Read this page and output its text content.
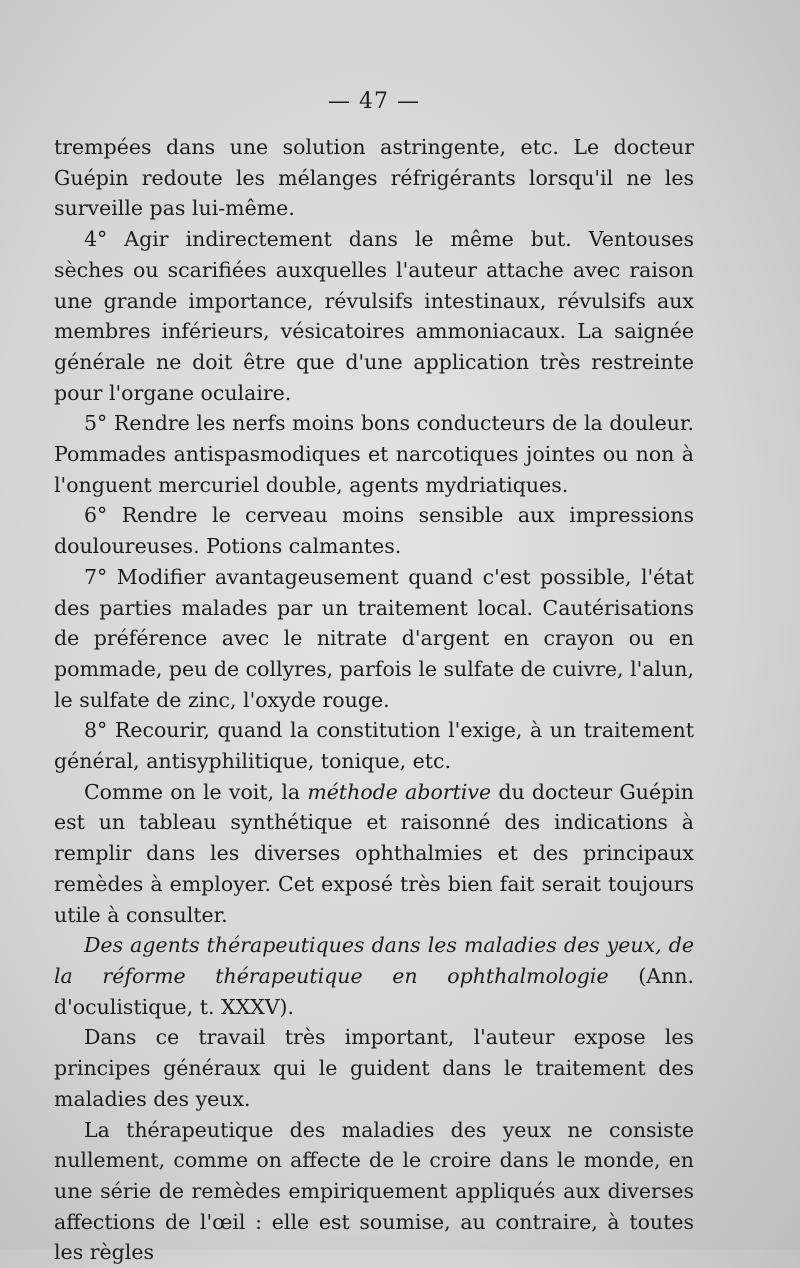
— 47 —

trempées dans une solution astringente, etc. Le docteur Guépin redoute les mélanges réfrigérants lorsqu'il ne les surveille pas lui-même.

4° Agir indirectement dans le même but. Ventouses sèches ou scarifiées auxquelles l'auteur attache avec raison une grande importance, révulsifs intestinaux, révulsifs aux membres inférieurs, vésicatoires ammoniacaux. La saignée générale ne doit être que d'une application très restreinte pour l'organe oculaire.

5° Rendre les nerfs moins bons conducteurs de la douleur. Pommades antispasmodiques et narcotiques jointes ou non à l'onguent mercuriel double, agents mydriatiques.

6° Rendre le cerveau moins sensible aux impressions douloureuses. Potions calmantes.

7° Modifier avantageusement quand c'est possible, l'état des parties malades par un traitement local. Cautérisations de préférence avec le nitrate d'argent en crayon ou en pommade, peu de collyres, parfois le sulfate de cuivre, l'alun, le sulfate de zinc, l'oxyde rouge.

8° Recourir, quand la constitution l'exige, à un traitement général, antisyphilitique, tonique, etc.

Comme on le voit, la méthode abortive du docteur Guépin est un tableau synthétique et raisonné des indications à remplir dans les diverses ophthalmies et des principaux remèdes à employer. Cet exposé très bien fait serait toujours utile à consulter.

Des agents thérapeutiques dans les maladies des yeux, de la réforme thérapeutique en ophthalmologie (Ann. d'oculistique, t. XXXV).

Dans ce travail très important, l'auteur expose les principes généraux qui le guident dans le traitement des maladies des yeux.

La thérapeutique des maladies des yeux ne consiste nullement, comme on affecte de le croire dans le monde, en une série de remèdes empiriquement appliqués aux diverses affections de l'œil : elle est soumise, au contraire, à toutes les règles
